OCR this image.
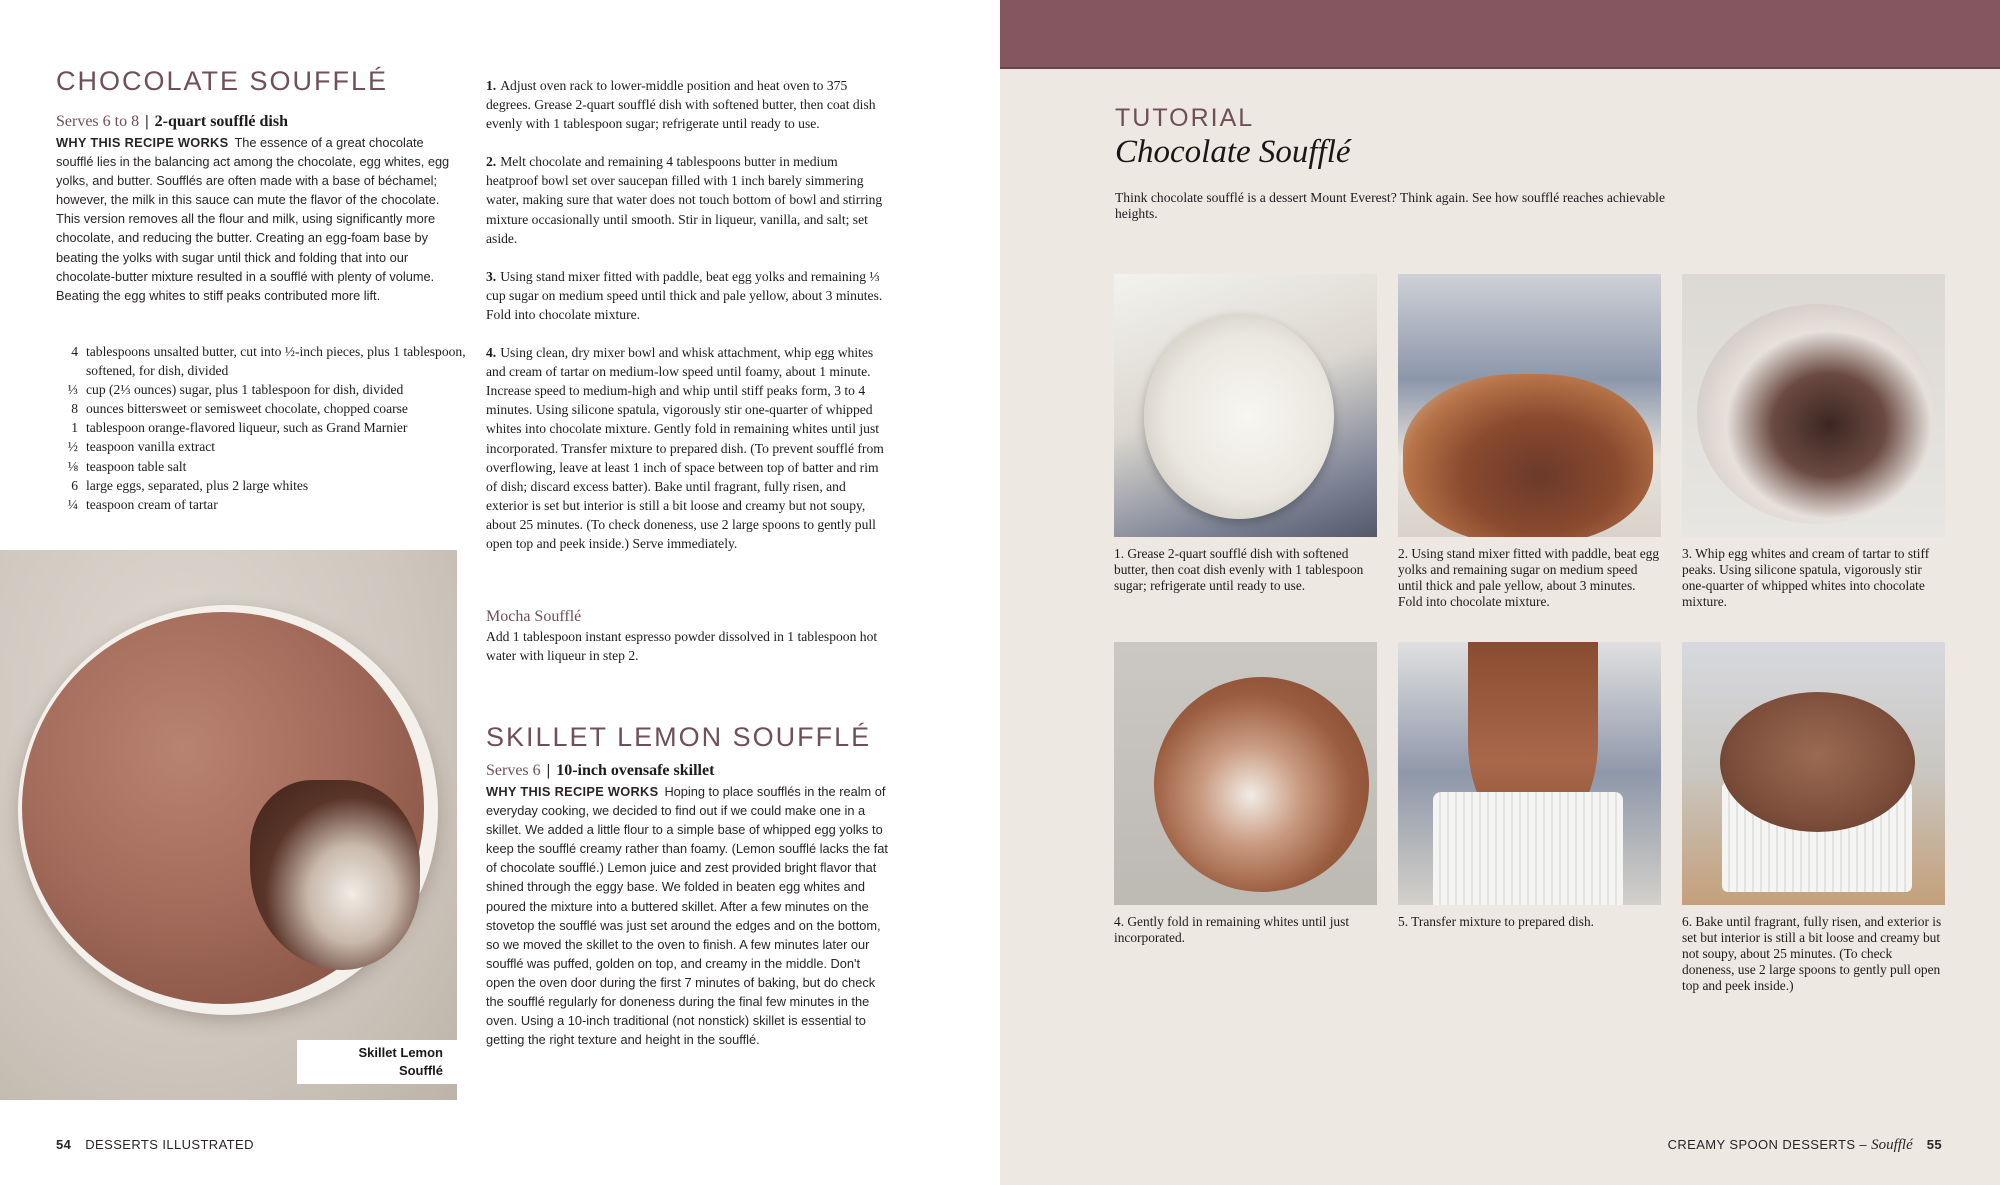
CHOCOLATE SOUFFLÉ
Serves 6 to 8 | 2-quart soufflé dish

WHY THIS RECIPE WORKS The essence of a great chocolate soufflé lies in the balancing act among the chocolate, egg whites, egg yolks, and butter. Soufflés are often made with a base of béchamel; however, the milk in this sauce can mute the flavor of the chocolate. This version removes all the flour and milk, using significantly more chocolate, and reducing the butter. Creating an egg-foam base by beating the yolks with sugar until thick and folding that into our chocolate-butter mixture resulted in a soufflé with plenty of volume. Beating the egg whites to stiff peaks contributed more lift.

4 tablespoons unsalted butter, cut into ½-inch pieces, plus 1 tablespoon, softened, for dish, divided
⅓ cup (2⅓ ounces) sugar, plus 1 tablespoon for dish, divided
8 ounces bittersweet or semisweet chocolate, chopped coarse
1 tablespoon orange-flavored liqueur, such as Grand Marnier
½ teaspoon vanilla extract
⅛ teaspoon table salt
6 large eggs, separated, plus 2 large whites
¼ teaspoon cream of tartar

1. Adjust oven rack to lower-middle position and heat oven to 375 degrees. Grease 2-quart soufflé dish with softened butter, then coat dish evenly with 1 tablespoon sugar; refrigerate until ready to use.

2. Melt chocolate and remaining 4 tablespoons butter in medium heatproof bowl set over saucepan filled with 1 inch barely simmering water, making sure that water does not touch bottom of bowl and stirring mixture occasionally until smooth. Stir in liqueur, vanilla, and salt; set aside.

3. Using stand mixer fitted with paddle, beat egg yolks and remaining ⅓ cup sugar on medium speed until thick and pale yellow, about 3 minutes. Fold into chocolate mixture.

4. Using clean, dry mixer bowl and whisk attachment, whip egg whites and cream of tartar on medium-low speed until foamy, about 1 minute. Increase speed to medium-high and whip until stiff peaks form, 3 to 4 minutes. Using silicone spatula, vigorously stir one-quarter of whipped whites into chocolate mixture. Gently fold in remaining whites until just incorporated. Transfer mixture to prepared dish. (To prevent soufflé from overflowing, leave at least 1 inch of space between top of batter and rim of dish; discard excess batter). Bake until fragrant, fully risen, and exterior is set but interior is still a bit loose and creamy but not soupy, about 25 minutes. (To check doneness, use 2 large spoons to gently pull open top and peek inside.) Serve immediately.

Mocha Soufflé
Add 1 tablespoon instant espresso powder dissolved in 1 tablespoon hot water with liqueur in step 2.
SKILLET LEMON SOUFFLÉ
Serves 6 | 10-inch ovensafe skillet

WHY THIS RECIPE WORKS Hoping to place soufflés in the realm of everyday cooking, we decided to find out if we could make one in a skillet. We added a little flour to a simple base of whipped egg yolks to keep the soufflé creamy rather than foamy. (Lemon soufflé lacks the fat of chocolate soufflé.) Lemon juice and zest provided bright flavor that shined through the eggy base. We folded in beaten egg whites and poured the mixture into a buttered skillet. After a few minutes on the stovetop the soufflé was just set around the edges and on the bottom, so we moved the skillet to the oven to finish. A few minutes later our soufflé was puffed, golden on top, and creamy in the middle. Don't open the oven door during the first 7 minutes of baking, but do check the soufflé regularly for doneness during the final few minutes in the oven. Using a 10-inch traditional (not nonstick) skillet is essential to getting the right texture and height in the soufflé.

Skillet Lemon
Soufflé
54 DESSERTS ILLUSTRATED
TUTORIAL
Chocolate Soufflé

Think chocolate soufflé is a dessert Mount Everest? Think again. See how soufflé reaches achievable heights.

1. Grease 2-quart soufflé dish with softened butter, then coat dish evenly with 1 tablespoon sugar; refrigerate until ready to use.

2. Using stand mixer fitted with paddle, beat egg yolks and remaining sugar on medium speed until thick and pale yellow, about 3 minutes. Fold into chocolate mixture.

3. Whip egg whites and cream of tartar to stiff peaks. Using silicone spatula, vigorously stir one-quarter of whipped whites into chocolate mixture.

4. Gently fold in remaining whites until just incorporated.

5. Transfer mixture to prepared dish.	6. Bake until fragrant, fully risen, and exterior is set but interior is still a bit loose and creamy but not soupy, about 25 minutes. (To check doneness, use 2 large spoons to gently pull open top and peek inside.)

CREAMY SPOON DESSERTS – Soufflé 55
